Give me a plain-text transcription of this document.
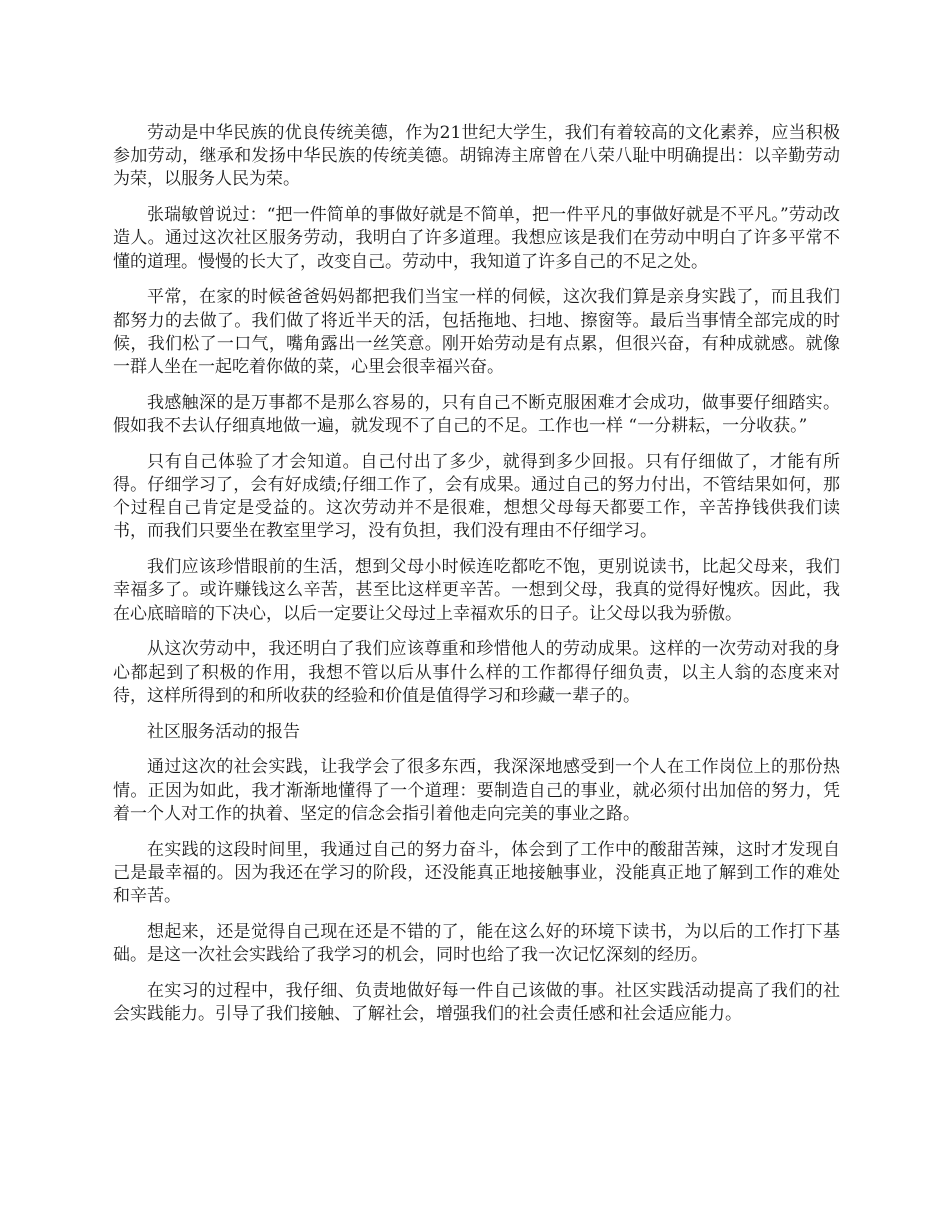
劳动是中华民族的优良传统美德，作为21世纪大学生，我们有着较高的文化素养，应当积极参加劳动，继承和发扬中华民族的传统美德。胡锦涛主席曾在八荣八耻中明确提出：以辛勤劳动为荣，以服务人民为荣。

张瑞敏曾说过：“把一件简单的事做好就是不简单，把一件平凡的事做好就是不平凡。”劳动改造人。通过这次社区服务劳动，我明白了许多道理。我想应该是我们在劳动中明白了许多平常不懂的道理。慢慢的长大了，改变自己。劳动中，我知道了许多自己的不足之处。

平常，在家的时候爸爸妈妈都把我们当宝一样的伺候，这次我们算是亲身实践了，而且我们都努力的去做了。我们做了将近半天的活，包括拖地、扫地、擦窗等。最后当事情全部完成的时候，我们松了一口气，嘴角露出一丝笑意。刚开始劳动是有点累，但很兴奋，有种成就感。就像一群人坐在一起吃着你做的菜，心里会很幸福兴奋。

我感触深的是万事都不是那么容易的，只有自己不断克服困难才会成功，做事要仔细踏实。假如我不去认仔细真地做一遍，就发现不了自己的不足。工作也一样 “一分耕耘，一分收获。”

只有自己体验了才会知道。自己付出了多少，就得到多少回报。只有仔细做了，才能有所得。仔细学习了，会有好成绩;仔细工作了，会有成果。通过自己的努力付出，不管结果如何，那个过程自己肯定是受益的。这次劳动并不是很难，想想父母每天都要工作，辛苦挣钱供我们读书，而我们只要坐在教室里学习，没有负担，我们没有理由不仔细学习。

我们应该珍惜眼前的生活，想到父母小时候连吃都吃不饱，更别说读书，比起父母来，我们幸福多了。或许赚钱这么辛苦，甚至比这样更辛苦。一想到父母，我真的觉得好愧疚。因此，我在心底暗暗的下决心，以后一定要让父母过上幸福欢乐的日子。让父母以我为骄傲。

从这次劳动中，我还明白了我们应该尊重和珍惜他人的劳动成果。这样的一次劳动对我的身心都起到了积极的作用，我想不管以后从事什么样的工作都得仔细负责，以主人翁的态度来对待，这样所得到的和所收获的经验和价值是值得学习和珍藏一辈子的。

社区服务活动的报告

通过这次的社会实践，让我学会了很多东西，我深深地感受到一个人在工作岗位上的那份热情。正因为如此，我才渐渐地懂得了一个道理：要制造自己的事业，就必须付出加倍的努力，凭着一个人对工作的执着、坚定的信念会指引着他走向完美的事业之路。

在实践的这段时间里，我通过自己的努力奋斗，体会到了工作中的酸甜苦辣，这时才发现自己是最幸福的。因为我还在学习的阶段，还没能真正地接触事业，没能真正地了解到工作的难处和辛苦。

想起来，还是觉得自己现在还是不错的了，能在这么好的环境下读书，为以后的工作打下基础。是这一次社会实践给了我学习的机会，同时也给了我一次记忆深刻的经历。

在实习的过程中，我仔细、负责地做好每一件自己该做的事。社区实践活动提高了我们的社会实践能力。引导了我们接触、了解社会，增强我们的社会责任感和社会适应能力。
